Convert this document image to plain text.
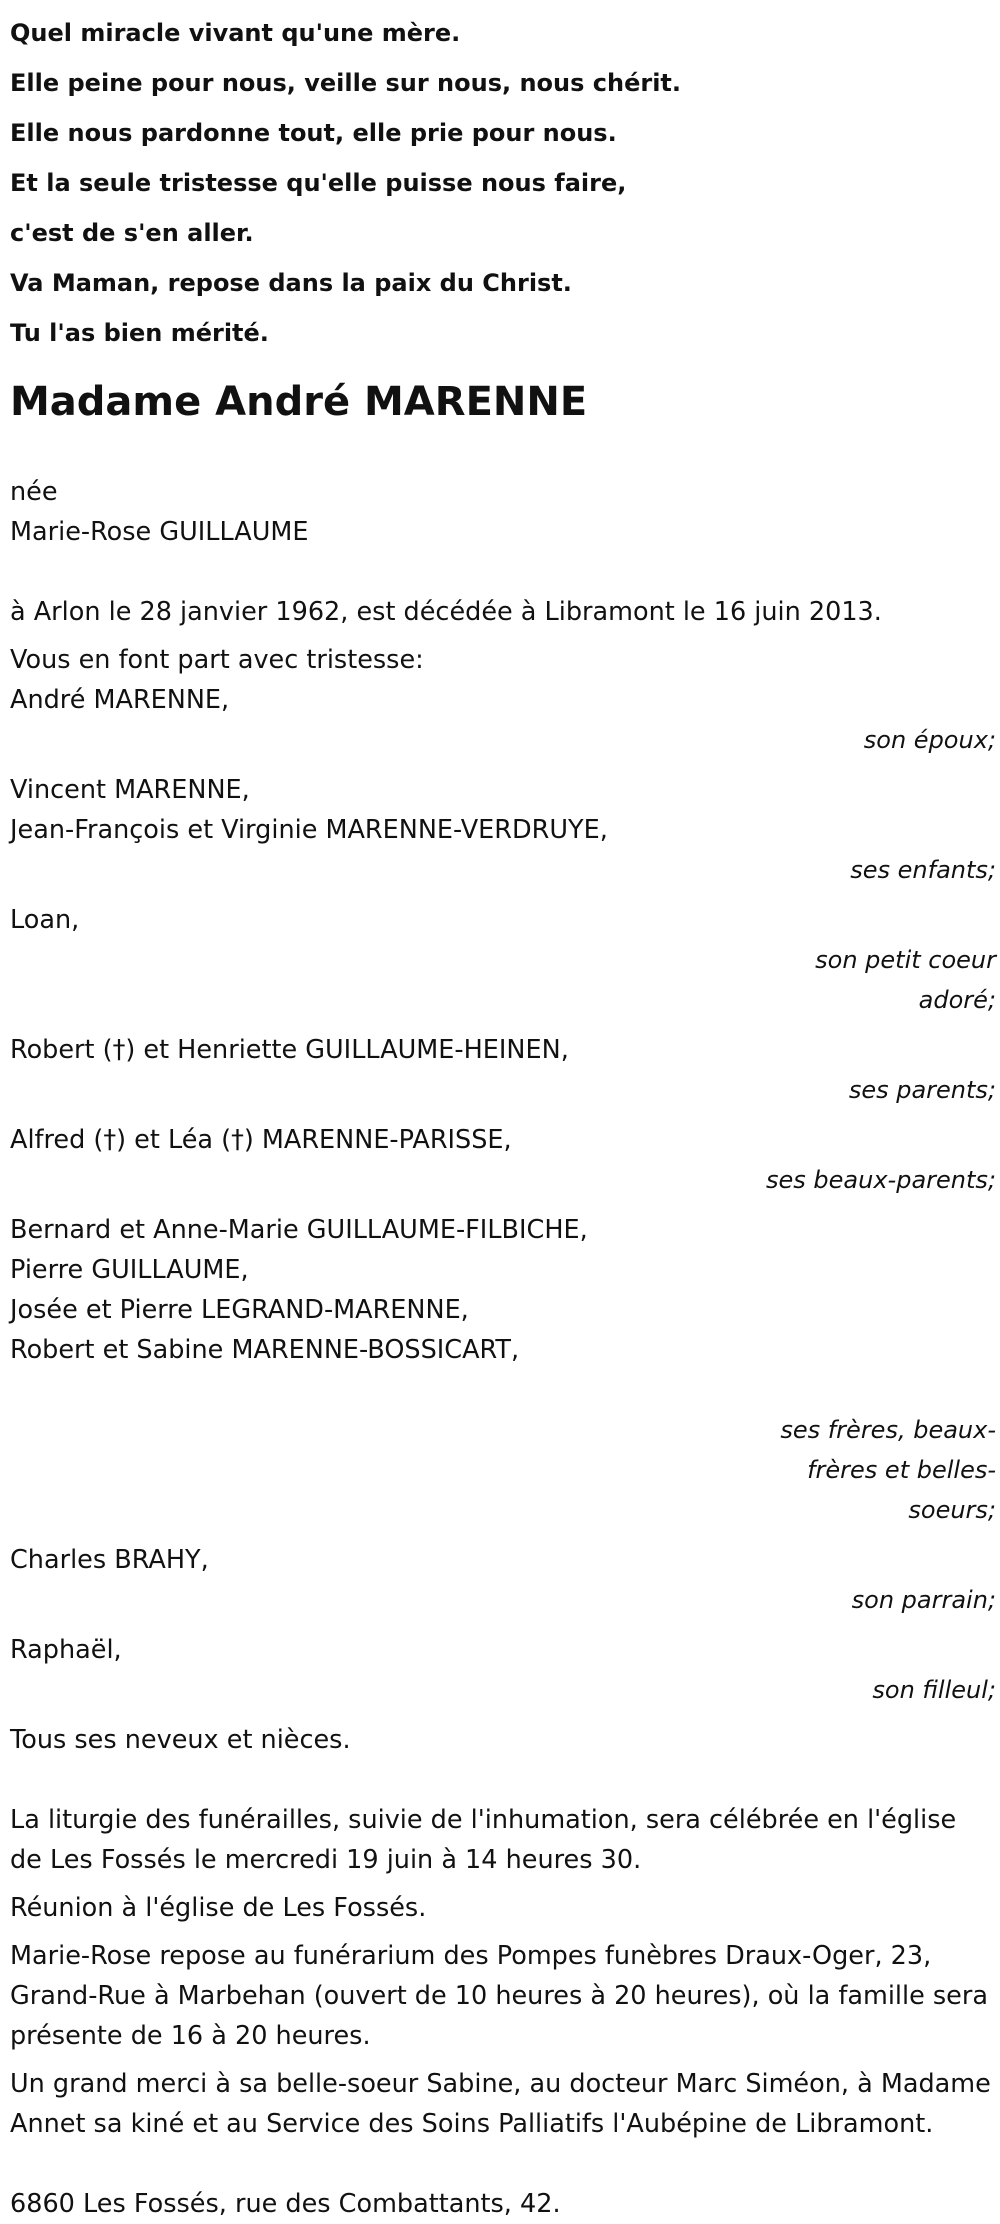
Quel miracle vivant qu'une mère.
Elle peine pour nous, veille sur nous, nous chérit.
Elle nous pardonne tout, elle prie pour nous.
Et la seule tristesse qu'elle puisse nous faire,
c'est de s'en aller.
Va Maman, repose dans la paix du Christ.
Tu l'as bien mérité.
Madame André MARENNE
née
Marie-Rose GUILLAUME
à Arlon le 28 janvier 1962, est décédée à Libramont le 16 juin 2013.
Vous en font part avec tristesse:
André MARENNE,
son époux;
Vincent MARENNE,
Jean-François et Virginie MARENNE-VERDRUYE,
ses enfants;
Loan,
son petit coeur adoré;
Robert (†) et Henriette GUILLAUME-HEINEN,
ses parents;
Alfred (†) et Léa (†) MARENNE-PARISSE,
ses beaux-parents;
Bernard et Anne-Marie GUILLAUME-FILBICHE,
Pierre GUILLAUME,
Josée et Pierre LEGRAND-MARENNE,
Robert et Sabine MARENNE-BOSSICART,
ses frères, beaux-frères et belles-soeurs;
Charles BRAHY,
son parrain;
Raphaël,
son filleul;
Tous ses neveux et nièces.
La liturgie des funérailles, suivie de l'inhumation, sera célébrée en l'église de Les Fossés le mercredi 19 juin à 14 heures 30.
Réunion à l'église de Les Fossés.
Marie-Rose repose au funérarium des Pompes funèbres Draux-Oger, 23, Grand-Rue à Marbehan (ouvert de 10 heures à 20 heures), où la famille sera présente de 16 à 20 heures.
Un grand merci à sa belle-soeur Sabine, au docteur Marc Siméon, à Madame Annet sa kiné et au Service des Soins Palliatifs l'Aubépine de Libramont.
6860 Les Fossés, rue des Combattants, 42.
